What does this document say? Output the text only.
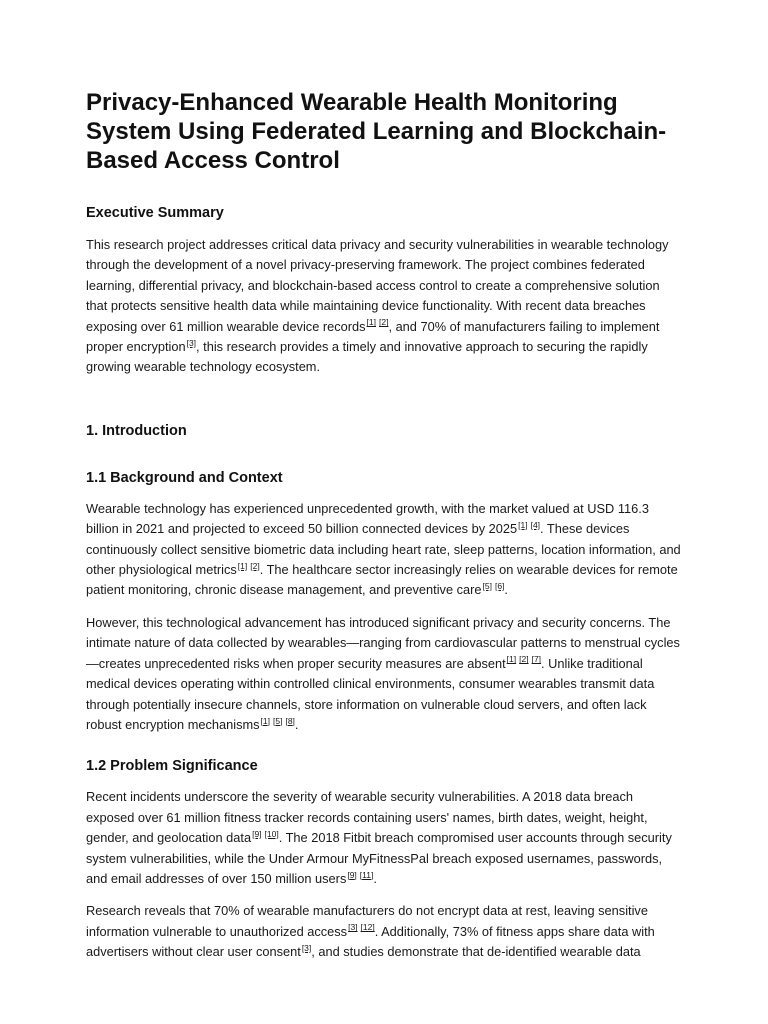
Privacy-Enhanced Wearable Health Monitoring System Using Federated Learning and Blockchain-Based Access Control
Executive Summary

This research project addresses critical data privacy and security vulnerabilities in wearable technology through the development of a novel privacy-preserving framework. The project combines federated learning, differential privacy, and blockchain-based access control to create a comprehensive solution that protects sensitive health data while maintaining device functionality. With recent data breaches exposing over 61 million wearable device records[1] [2], and 70% of manufacturers failing to implement proper encryption[3], this research provides a timely and innovative approach to securing the rapidly growing wearable technology ecosystem.

1. Introduction
1.1 Background and Context

Wearable technology has experienced unprecedented growth, with the market valued at USD 116.3 billion in 2021 and projected to exceed 50 billion connected devices by 2025[1] [4]. These devices continuously collect sensitive biometric data including heart rate, sleep patterns, location information, and other physiological metrics[1] [2]. The healthcare sector increasingly relies on wearable devices for remote patient monitoring, chronic disease management, and preventive care[5] [6].

However, this technological advancement has introduced significant privacy and security concerns. The intimate nature of data collected by wearables—ranging from cardiovascular patterns to menstrual cycles—creates unprecedented risks when proper security measures are absent[1] [2] [7]. Unlike traditional medical devices operating within controlled clinical environments, consumer wearables transmit data through potentially insecure channels, store information on vulnerable cloud servers, and often lack robust encryption mechanisms[1] [5] [8].

1.2 Problem Significance

Recent incidents underscore the severity of wearable security vulnerabilities. A 2018 data breach exposed over 61 million fitness tracker records containing users' names, birth dates, weight, height, gender, and geolocation data[9] [10]. The 2018 Fitbit breach compromised user accounts through security system vulnerabilities, while the Under Armour MyFitnessPal breach exposed usernames, passwords, and email addresses of over 150 million users[9] [11].

Research reveals that 70% of wearable manufacturers do not encrypt data at rest, leaving sensitive information vulnerable to unauthorized access[3] [12]. Additionally, 73% of fitness apps share data with advertisers without clear user consent[3], and studies demonstrate that de-identified wearable data
